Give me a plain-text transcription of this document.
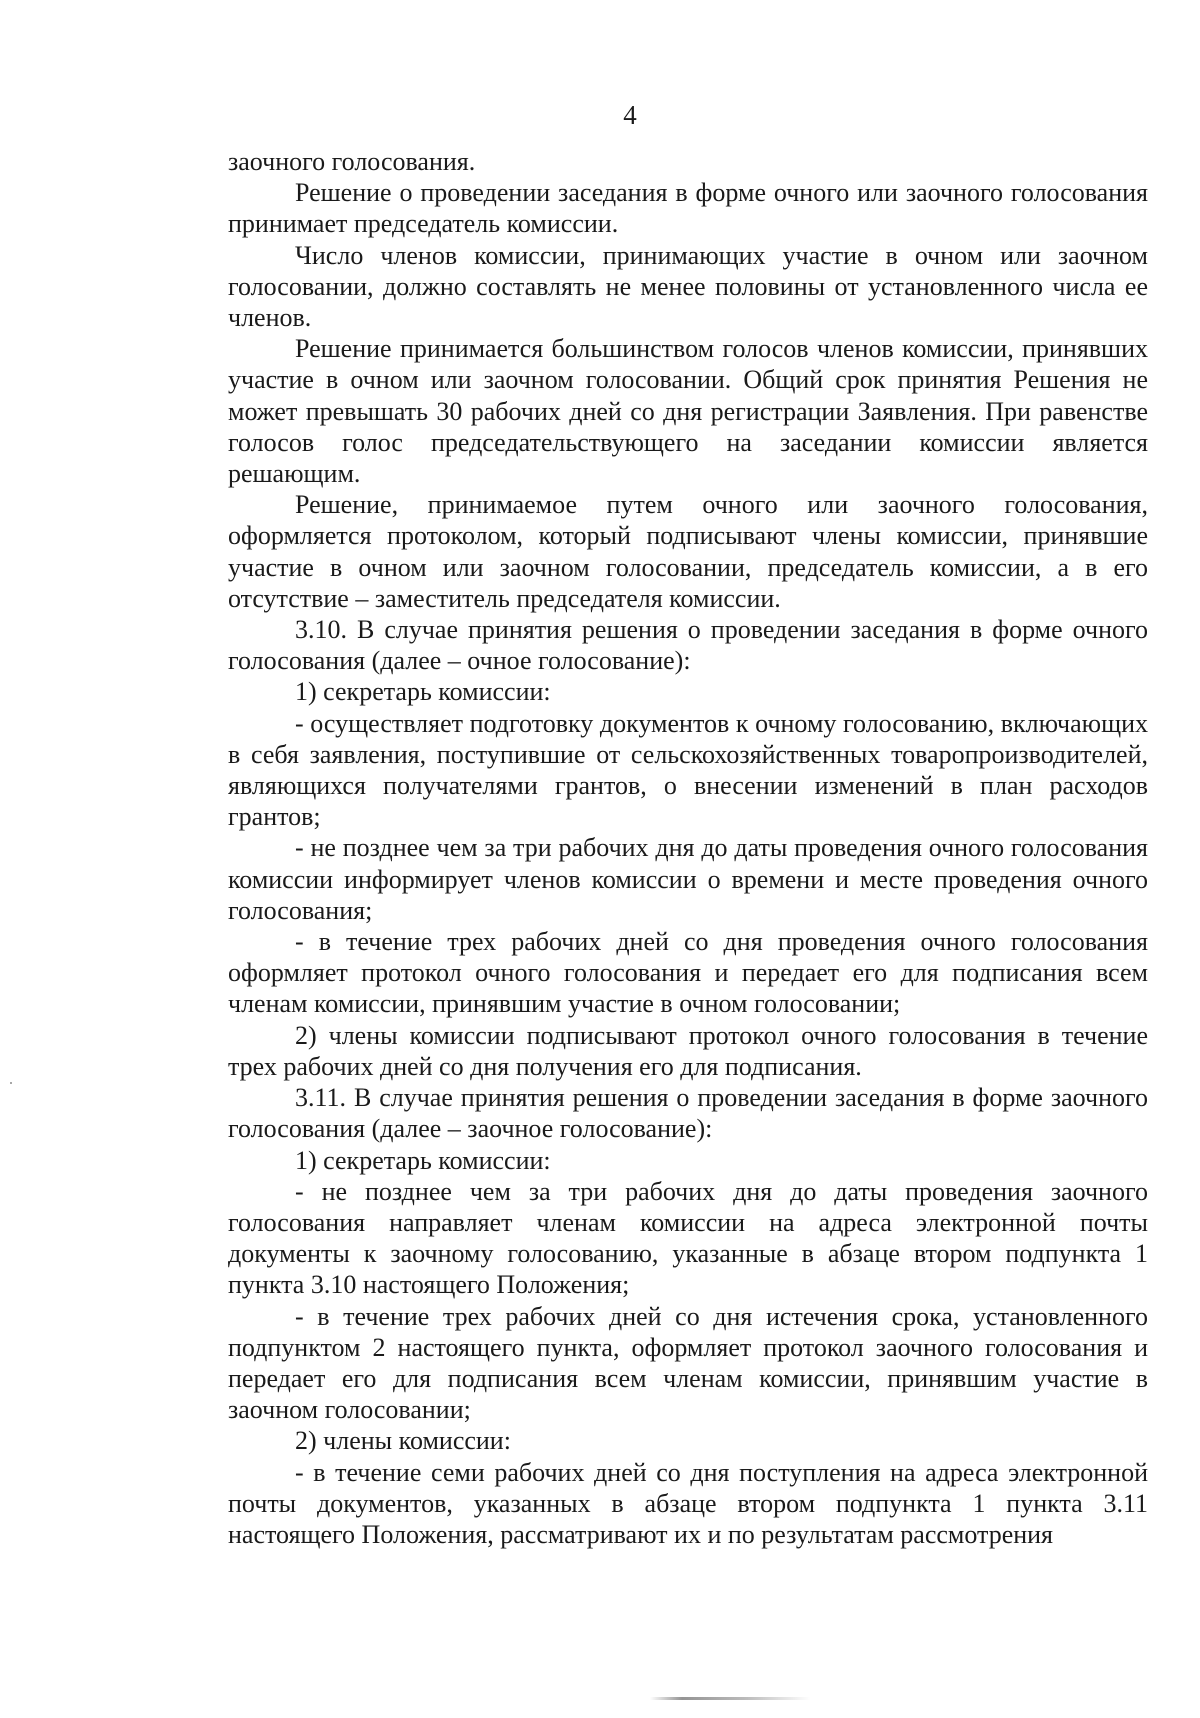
4

заочного голосования.

Решение о проведении заседания в форме очного или заочного голосования принимает председатель комиссии.

Число членов комиссии, принимающих участие в очном или заочном голосовании, должно составлять не менее половины от установленного числа ее членов.

Решение принимается большинством голосов членов комиссии, принявших участие в очном или заочном голосовании. Общий срок принятия Решения не может превышать 30 рабочих дней со дня регистрации Заявления. При равенстве голосов голос председательствующего на заседании комиссии является решающим.

Решение, принимаемое путем очного или заочного голосования, оформляется протоколом, который подписывают члены комиссии, принявшие участие в очном или заочном голосовании, председатель комиссии, а в его отсутствие – заместитель председателя комиссии.

3.10. В случае принятия решения о проведении заседания в форме очного голосования (далее – очное голосование):

1) секретарь комиссии:

- осуществляет подготовку документов к очному голосованию, включающих в себя заявления, поступившие от сельскохозяйственных товаропроизводителей, являющихся получателями грантов, о внесении изменений в план расходов грантов;

- не позднее чем за три рабочих дня до даты проведения очного голосования комиссии информирует членов комиссии о времени и месте проведения очного голосования;

- в течение трех рабочих дней со дня проведения очного голосования оформляет протокол очного голосования и передает его для подписания всем членам комиссии, принявшим участие в очном голосовании;

2) члены комиссии подписывают протокол очного голосования в течение трех рабочих дней со дня получения его для подписания.

3.11. В случае принятия решения о проведении заседания в форме заочного голосования (далее – заочное голосование):

1) секретарь комиссии:

- не позднее чем за три рабочих дня до даты проведения заочного голосования направляет членам комиссии на адреса электронной почты документы к заочному голосованию, указанные в абзаце втором подпункта 1 пункта 3.10 настоящего Положения;

- в течение трех рабочих дней со дня истечения срока, установленного подпунктом 2 настоящего пункта, оформляет протокол заочного голосования и передает его для подписания всем членам комиссии, принявшим участие в заочном голосовании;

2) члены комиссии:

- в течение семи рабочих дней со дня поступления на адреса электронной почты документов, указанных в абзаце втором подпункта 1 пункта 3.11 настоящего Положения, рассматривают их и по результатам рассмотрения
